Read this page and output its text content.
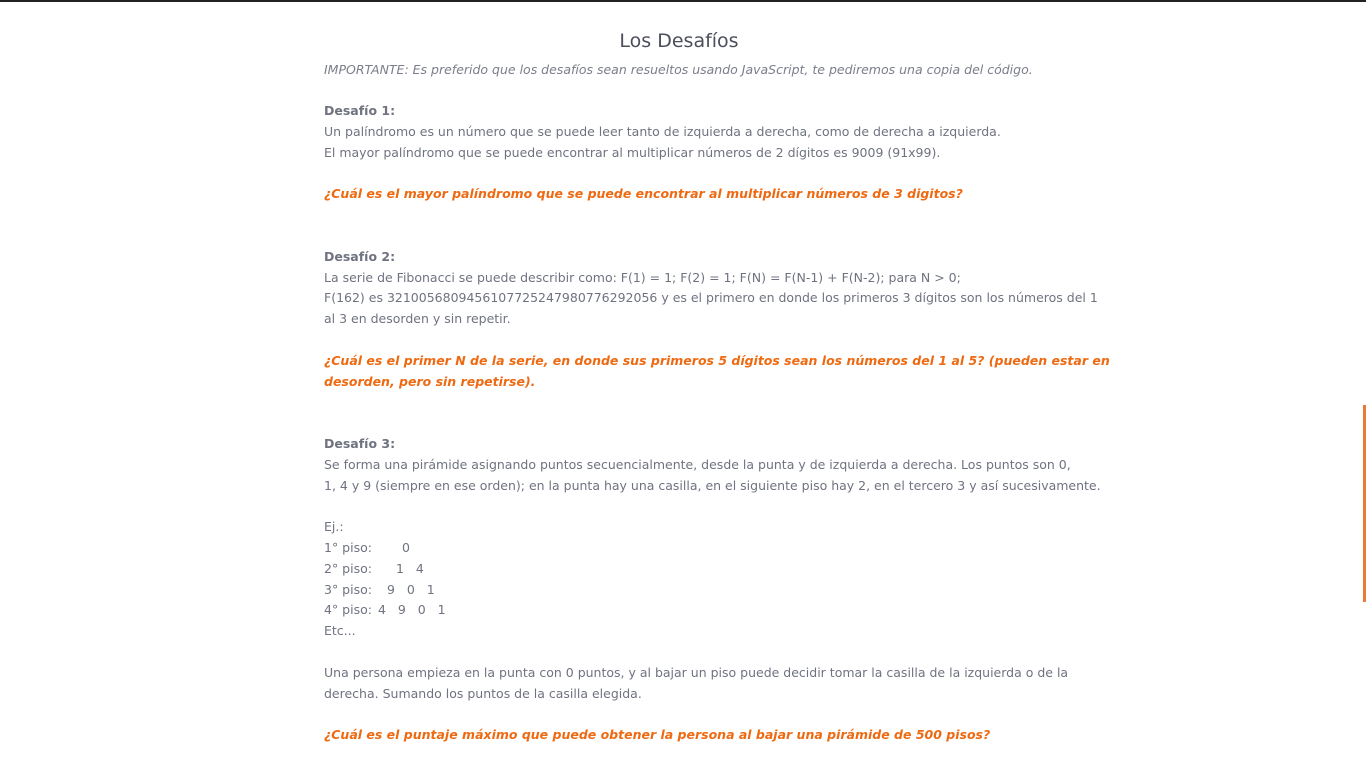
Los Desafíos

IMPORTANTE: Es preferido que los desafíos sean resueltos usando JavaScript, te pediremos una copia del código.

Desafío 1:

Un palíndromo es un número que se puede leer tanto de izquierda a derecha, como de derecha a izquierda.

El mayor palíndromo que se puede encontrar al multiplicar números de 2 dígitos es 9009 (91x99).

¿Cuál es el mayor palíndromo que se puede encontrar al multiplicar números de 3 digitos?

Desafío 2:

La serie de Fibonacci se puede describir como: F(1) = 1; F(2) = 1; F(N) = F(N-1) + F(N-2); para N > 0;

F(162) es 3210056809456107725247980776292056 y es el primero en donde los primeros 3 dígitos son los números del 1

al 3 en desorden y sin repetir.

¿Cuál es el primer N de la serie, en donde sus primeros 5 dígitos sean los números del 1 al 5? (pueden estar en

desorden, pero sin repetirse).

Desafío 3:

Se forma una pirámide asignando puntos secuencialmente, desde la punta y de izquierda a derecha. Los puntos son 0,

1, 4 y 9 (siempre en ese orden); en la punta hay una casilla, en el siguiente piso hay 2, en el tercero 3 y así sucesivamente.

Ej.:

1° piso: 0
2° piso: 1   4
3° piso: 9   0   1
4° piso: 4   9   0   1

Etc...

Una persona empieza en la punta con 0 puntos, y al bajar un piso puede decidir tomar la casilla de la izquierda o de la

derecha. Sumando los puntos de la casilla elegida.

¿Cuál es el puntaje máximo que puede obtener la persona al bajar una pirámide de 500 pisos?
